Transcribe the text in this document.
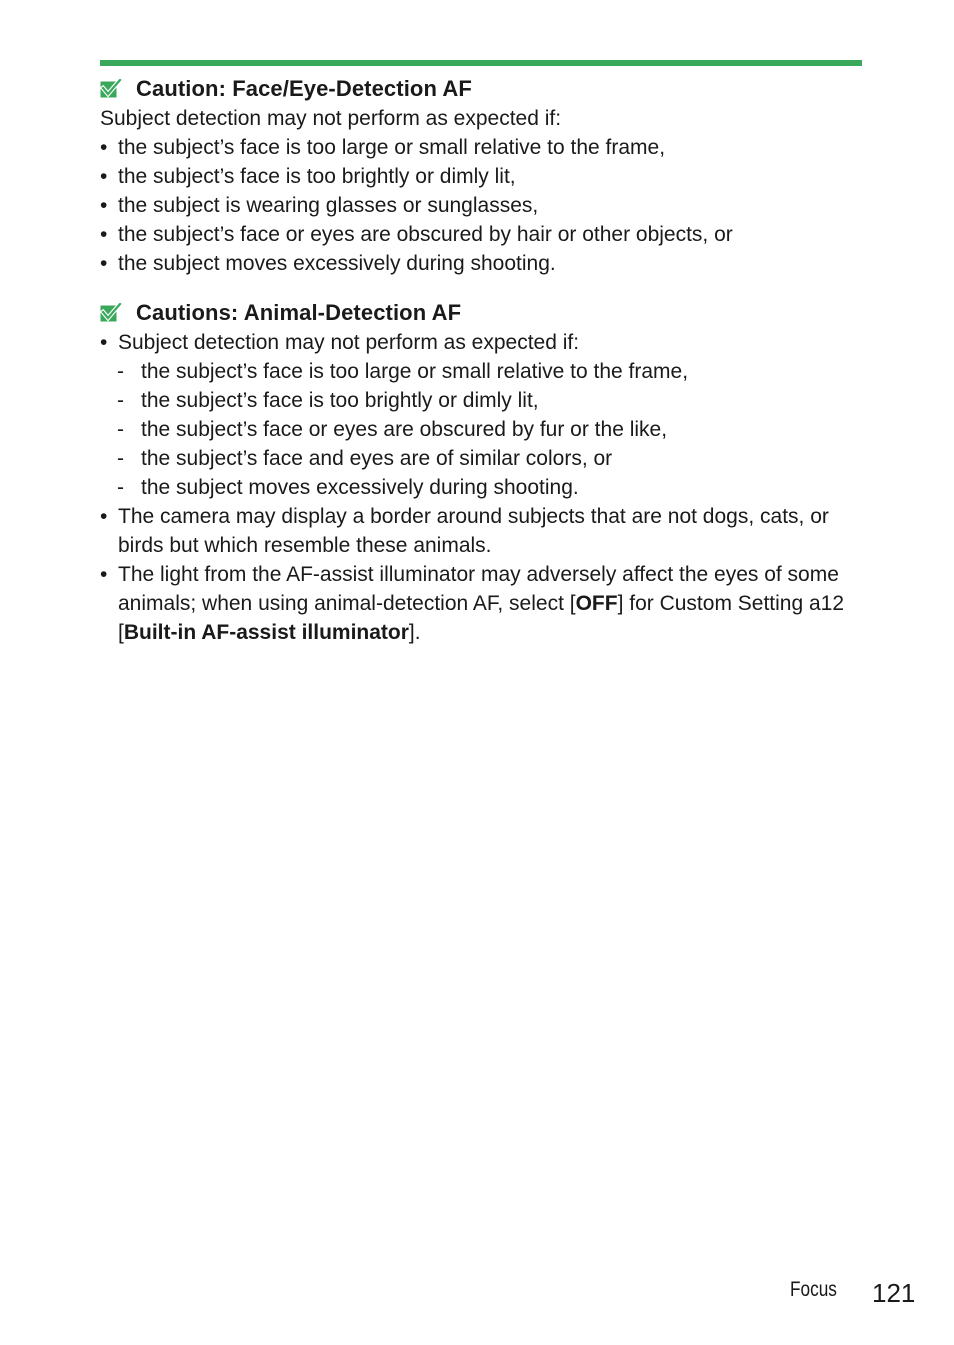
Caution: Face/Eye-Detection AF
Subject detection may not perform as expected if:
• the subject’s face is too large or small relative to the frame,
• the subject’s face is too brightly or dimly lit,
• the subject is wearing glasses or sunglasses,
• the subject’s face or eyes are obscured by hair or other objects, or
• the subject moves excessively during shooting.
Cautions: Animal-Detection AF
• Subject detection may not perform as expected if:
- the subject’s face is too large or small relative to the frame,
- the subject’s face is too brightly or dimly lit,
- the subject’s face or eyes are obscured by fur or the like,
- the subject’s face and eyes are of similar colors, or
- the subject moves excessively during shooting.
• The camera may display a border around subjects that are not dogs, cats, or birds but which resemble these animals.
• The light from the AF-assist illuminator may adversely affect the eyes of some animals; when using animal-detection AF, select [OFF] for Custom Setting a12 [Built-in AF-assist illuminator].
Focus 121
